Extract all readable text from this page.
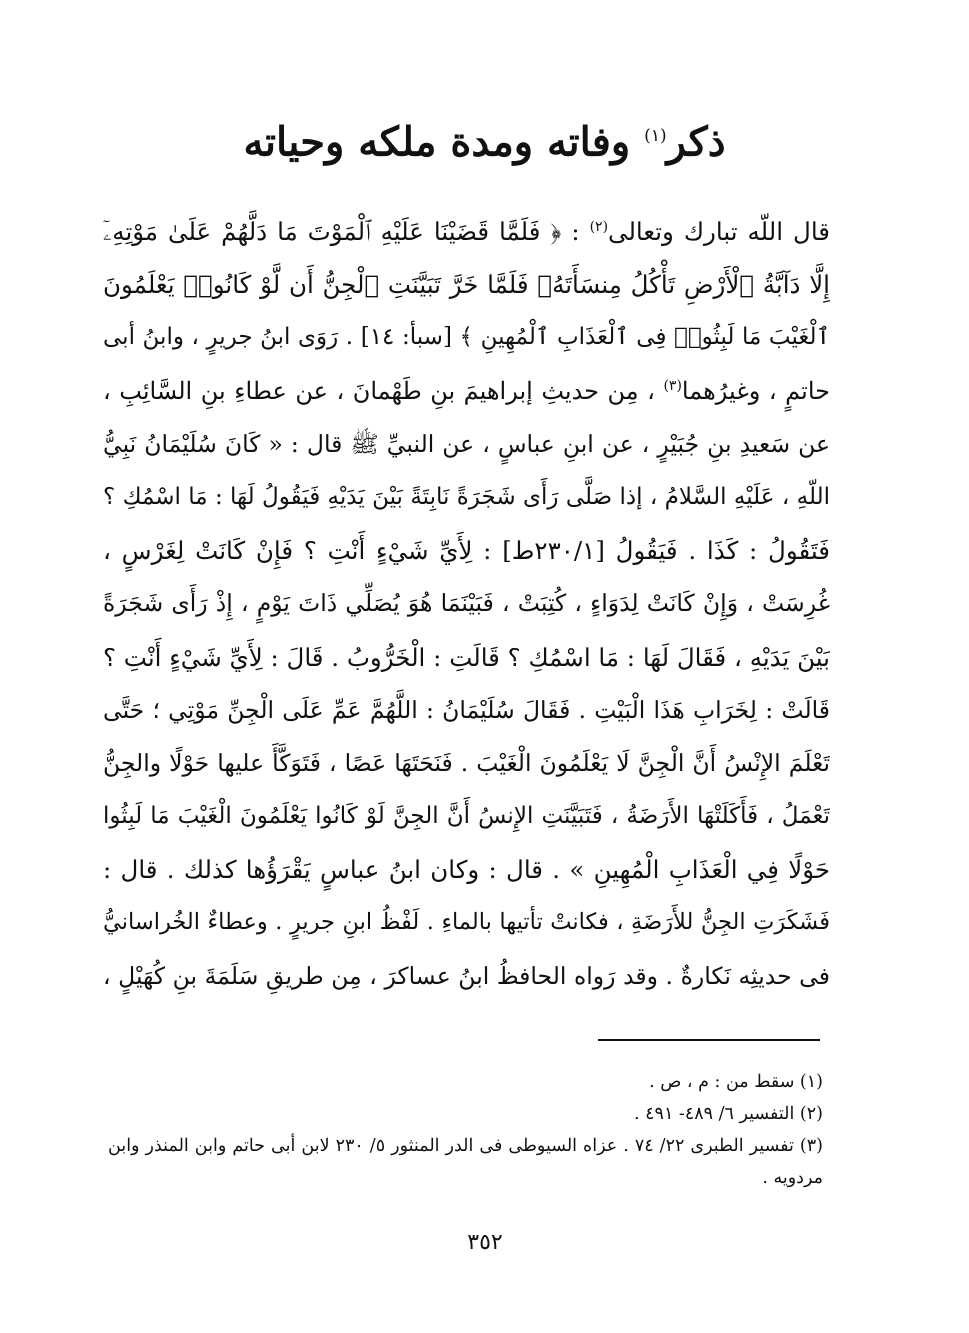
ذكر$^{(١)}$ وفاته ومدة ملكه وحياته
قال اللّه تبارك وتعالى$^{(٢)}$ : ﴿ فَلَمَّا قَضَيْنَا عَلَيْهِ ٱلْمَوْتَ مَا دَلَّهُمْ عَلَىٰ مَوْتِهِۦٓ
إِلَّا دَآبَّةُ ٱلْأَرْضِ تَأْكُلُ مِنسَأَتَهُۥ فَلَمَّا خَرَّ تَبَيَّنَتِ ٱلْجِنُّ أَن لَّوْ كَانُوا۟ يَعْلَمُونَ
ٱلْغَيْبَ مَا لَبِثُوا۟ فِى ٱلْعَذَابِ ٱلْمُهِينِ ﴾ [سبأ: ١٤] . رَوَى ابنُ جريرٍ ، وابنُ أبى
حاتمٍ ، وغيرُهما$^{(٣)}$ ، مِن حديثِ إبراهيمَ بنِ طَهْمانَ ، عن عطاءِ بنِ السَّائِبِ ،
عن سَعيدِ بنِ جُبَيْرٍ ، عن ابنِ عباسٍ ، عن النبيِّ ﷺ قال : « كَانَ سُلَيْمَانُ نَبِيُّ
اللّهِ ، عَلَيْهِ السَّلامُ ، إذا صَلَّى رَأَى شَجَرَةً نَابِتَةً بَيْنَ يَدَيْهِ فَيَقُولُ لَهَا : مَا اسْمُكِ ؟
فَتَقُولُ : كَذَا . فَيَقُولُ [٢٣٠/١ط] : لِأَيِّ شَيْءٍ أَنْتِ ؟ فَإِنْ كَانَتْ لِغَرْسٍ ،
غُرِسَتْ ، وَإِنْ كَانَتْ لِدَوَاءٍ ، كُتِبَتْ ، فَبَيْنَمَا هُوَ يُصَلِّي ذَاتَ يَوْمٍ ، إِذْ رَأَى شَجَرَةً
بَيْنَ يَدَيْهِ ، فَقَالَ لَهَا : مَا اسْمُكِ ؟ قَالَتِ : الْخَرُّوبُ . قَالَ : لِأَيِّ شَيْءٍ أَنْتِ ؟
قَالَتْ : لِخَرَابِ هَذَا الْبَيْتِ . فَقَالَ سُلَيْمَانُ : اللَّهُمَّ عَمِّ عَلَى الْجِنِّ مَوْتِي ؛ حَتَّى
تَعْلَمَ الإِنْسُ أَنَّ الْجِنَّ لَا يَعْلَمُونَ الْغَيْبَ . فَنَحَتَهَا عَصًا ، فَتَوَكَّأَ عليها حَوْلًا والجِنُّ
تَعْمَلُ ، فَأَكَلَتْهَا الأَرَضَةُ ، فَتَبَيَّنَتِ الإِنسُ أَنَّ الجِنَّ لَوْ كَانُوا يَعْلَمُونَ الْغَيْبَ مَا لَبِثُوا
حَوْلًا فِي الْعَذَابِ الْمُهِينِ » . قال : وكان ابنُ عباسٍ يَقْرَؤُها كذلك . قال :
فَشَكَرَتِ الجِنُّ للأَرَضَةِ ، فكانتْ تأتيها بالماءِ . لَفْظُ ابنِ جريرٍ . وعطاءٌ الخُراسانيُّ
فى حديثِه نَكارةٌ . وقد رَواه الحافظُ ابنُ عساكرَ ، مِن طريقِ سَلَمَةَ بنِ كُهَيْلٍ ،
(١) سقط من : م ، ص .
(٢) التفسير ٦/ ٤٨٩- ٤٩١ .
(٣) تفسير الطبرى ٢٢/ ٧٤ . عزاه السيوطى فى الدر المنثور ٥/ ٢٣٠ لابن أبى حاتم وابن المنذر وابن
مردويه .
٣٥٢
